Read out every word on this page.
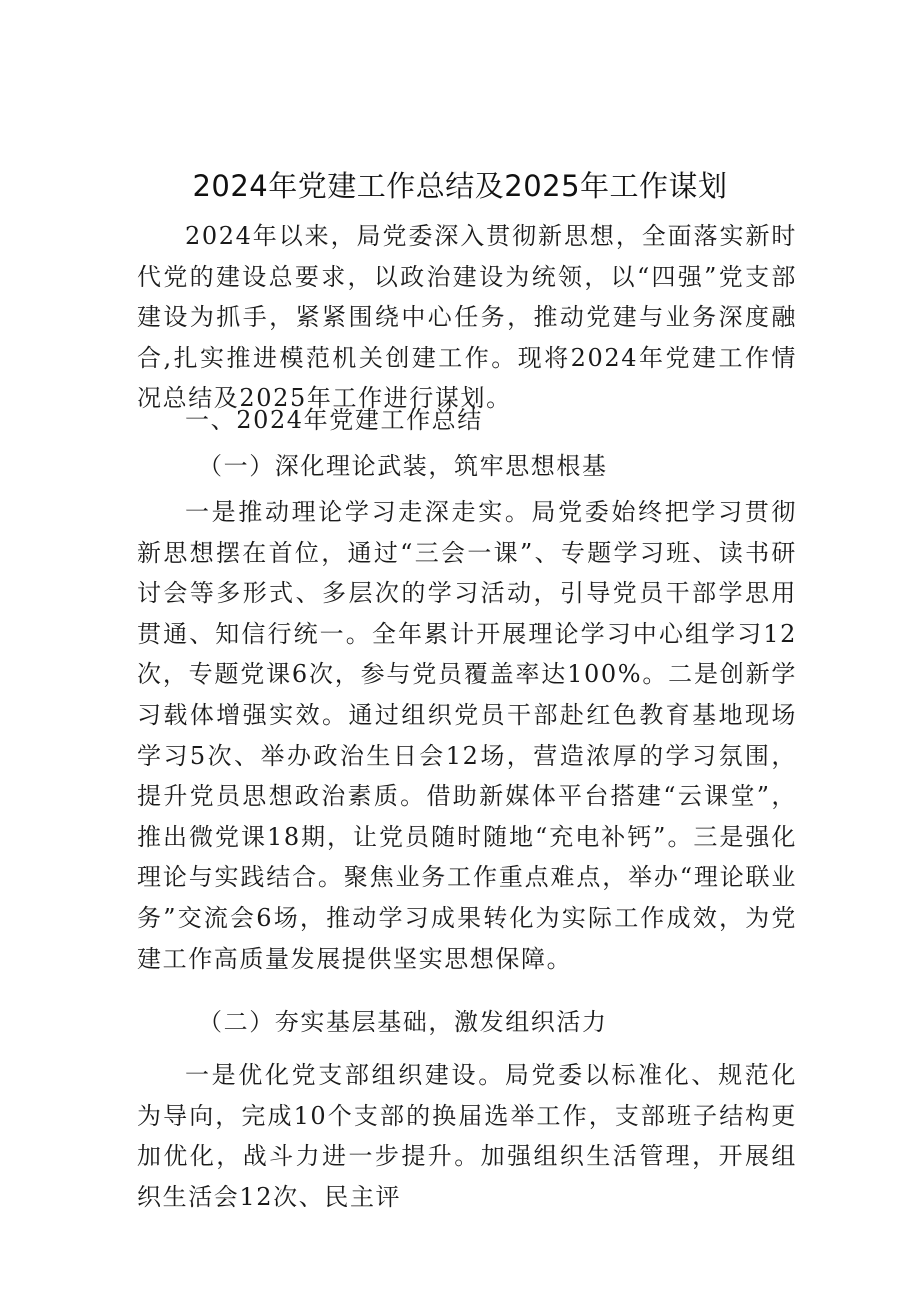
2024年党建工作总结及2025年工作谋划

2024年以来，局党委深入贯彻新思想，全面落实新时代党的建设总要求，以政治建设为统领，以“四强”党支部建设为抓手，紧紧围绕中心任务，推动党建与业务深度融合,扎实推进模范机关创建工作。现将2024年党建工作情况总结及2025年工作进行谋划。

一、2024年党建工作总结

（一）深化理论武装，筑牢思想根基

一是推动理论学习走深走实。局党委始终把学习贯彻新思想摆在首位，通过“三会一课”、专题学习班、读书研讨会等多形式、多层次的学习活动，引导党员干部学思用贯通、知信行统一。全年累计开展理论学习中心组学习12次，专题党课6次，参与党员覆盖率达100%。二是创新学习载体增强实效。通过组织党员干部赴红色教育基地现场学习5次、举办政治生日会12场，营造浓厚的学习氛围，提升党员思想政治素质。借助新媒体平台搭建“云课堂”，推出微党课18期，让党员随时随地“充电补钙”。三是强化理论与实践结合。聚焦业务工作重点难点，举办“理论联业务”交流会6场，推动学习成果转化为实际工作成效，为党建工作高质量发展提供坚实思想保障。

（二）夯实基层基础，激发组织活力

一是优化党支部组织建设。局党委以标准化、规范化为导向，完成10个支部的换届选举工作，支部班子结构更加优化，战斗力进一步提升。加强组织生活管理，开展组织生活会12次、民主评
